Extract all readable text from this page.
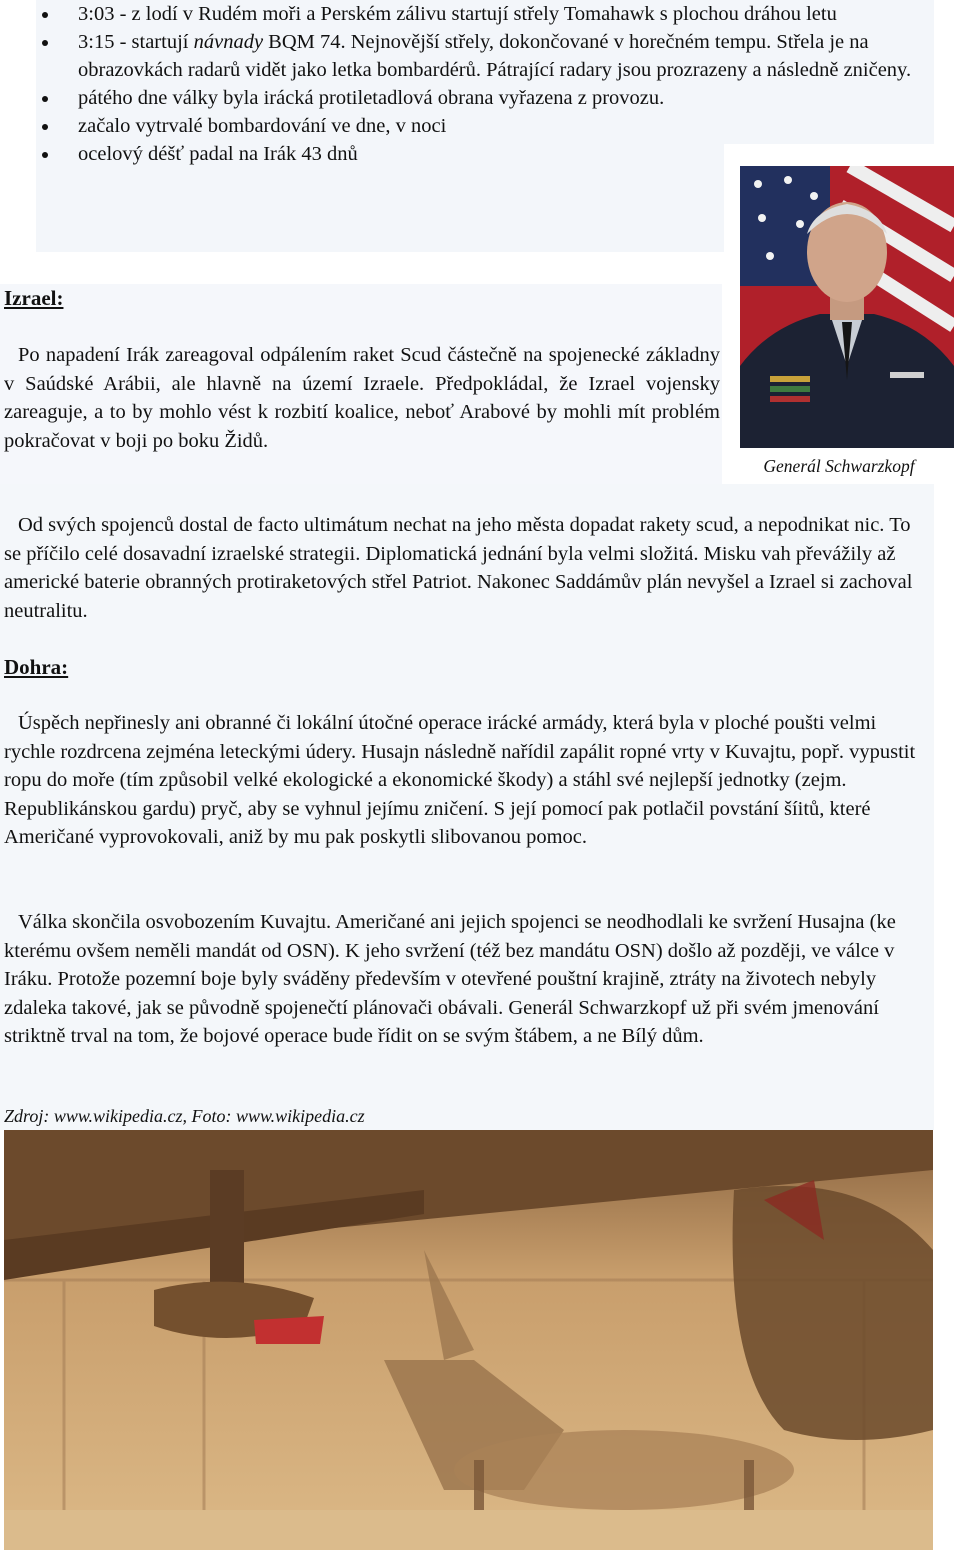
3:03 - z lodí v Rudém moři a Perském zálivu startují střely Tomahawk s plochou dráhou letu
3:15 - startují návnady BQM 74. Nejnovější střely, dokončované v horečném tempu. Střela je na obrazovkách radarů vidět jako letka bombardérů. Pátrající radary jsou prozrazeny a následně zničeny.
pátého dne války byla irácká protiletadlová obrana vyřazena z provozu.
začalo vytrvalé bombardování ve dne, v noci
ocelový déšť padal na Irák 43 dnů
Izrael:

Po napadení Irák zareagoval odpálením raket Scud částečně na spojenecké základny v Saúdské Arábii, ale hlavně na území Izraele. Předpokládal, že Izrael vojensky zareaguje, a to by mohlo vést k rozbití koalice, neboť Arabové by mohli mít problém pokračovat v boji po boku Židů.

Generál Schwarzkopf

Od svých spojenců dostal de facto ultimátum nechat na jeho města dopadat rakety scud, a nepodnikat nic. To se příčilo celé dosavadní izraelské strategii. Diplomatická jednání byla velmi složitá. Misku vah převážily až americké baterie obranných protiraketových střel Patriot. Nakonec Saddámův plán nevyšel a Izrael si zachoval neutralitu.

Dohra:

Úspěch nepřinesly ani obranné či lokální útočné operace irácké armády, která byla v ploché poušti velmi rychle rozdrcena zejména leteckými údery. Husajn následně nařídil zapálit ropné vrty v Kuvajtu, popř. vypustit ropu do moře (tím způsobil velké ekologické a ekonomické škody) a stáhl své nejlepší jednotky (zejm. Republikánskou gardu) pryč, aby se vyhnul jejímu zničení. S její pomocí pak potlačil povstání šíitů, které Američané vyprovokovali, aniž by mu pak poskytli slibovanou pomoc.

Válka skončila osvobozením Kuvajtu. Američané ani jejich spojenci se neodhodlali ke svržení Husajna (ke kterému ovšem neměli mandát od OSN). K jeho svržení (též bez mandátu OSN) došlo až později, ve válce v Iráku. Protože pozemní boje byly sváděny především v otevřené pouštní krajině, ztráty na životech nebyly zdaleka takové, jak se původně spojenečtí plánovači obávali. Generál Schwarzkopf už při svém jmenování striktně trval na tom, že bojové operace bude řídit on se svým štábem, a ne Bílý dům.

Zdroj: www.wikipedia.cz, Foto: www.wikipedia.cz
